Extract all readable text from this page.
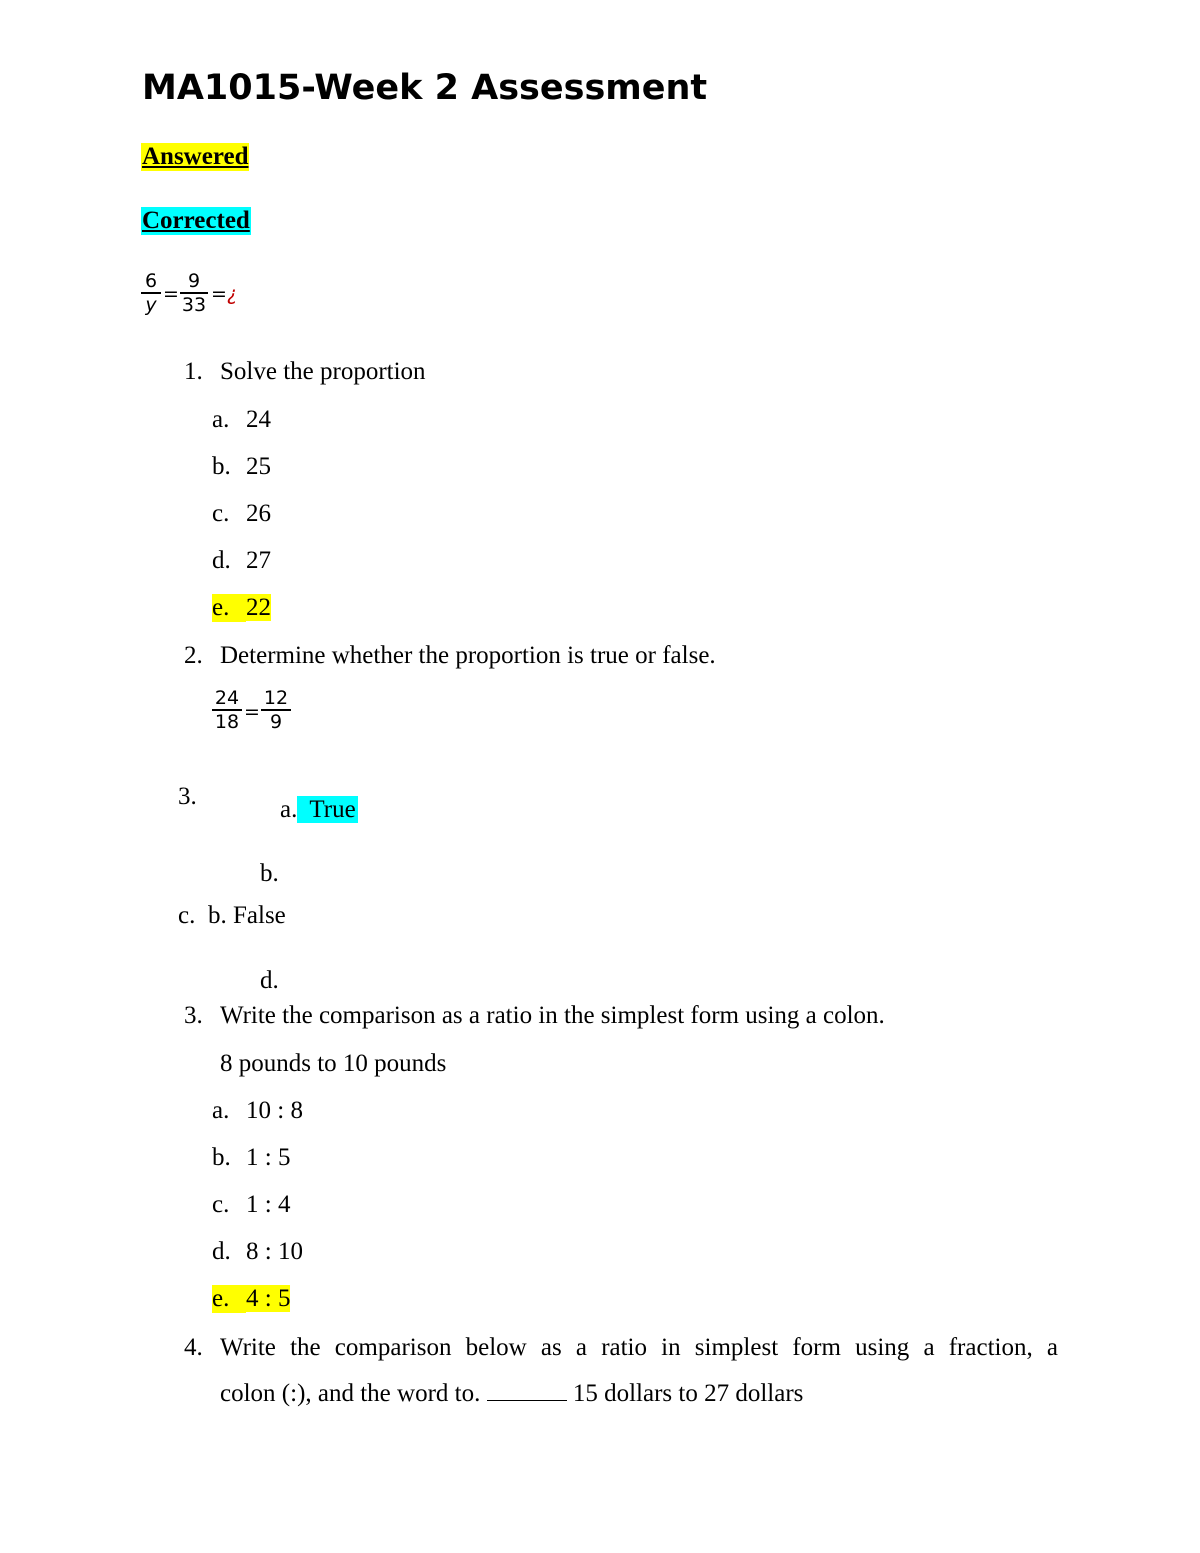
MA1015-Week 2 Assessment
Answered
Corrected
$\frac{6}{y} = \frac{9}{33}$ = ¿
1. Solve the proportion
a. 24
b. 25
c. 26
d. 27
e. 22
2. Determine whether the proportion is true or false.
$\frac{24}{18} = \frac{12}{9}$
3.	a. True
b.
c. b. False
d.
3. Write the comparison as a ratio in the simplest form using a colon.
8 pounds to 10 pounds
a. 10 : 8
b. 1 : 5
c. 1 : 4
d. 8 : 10
e. 4 : 5
4. Write the comparison below as a ratio in simplest form using a fraction, a
colon (:), and the word to.	15 dollars to 27 dollars
